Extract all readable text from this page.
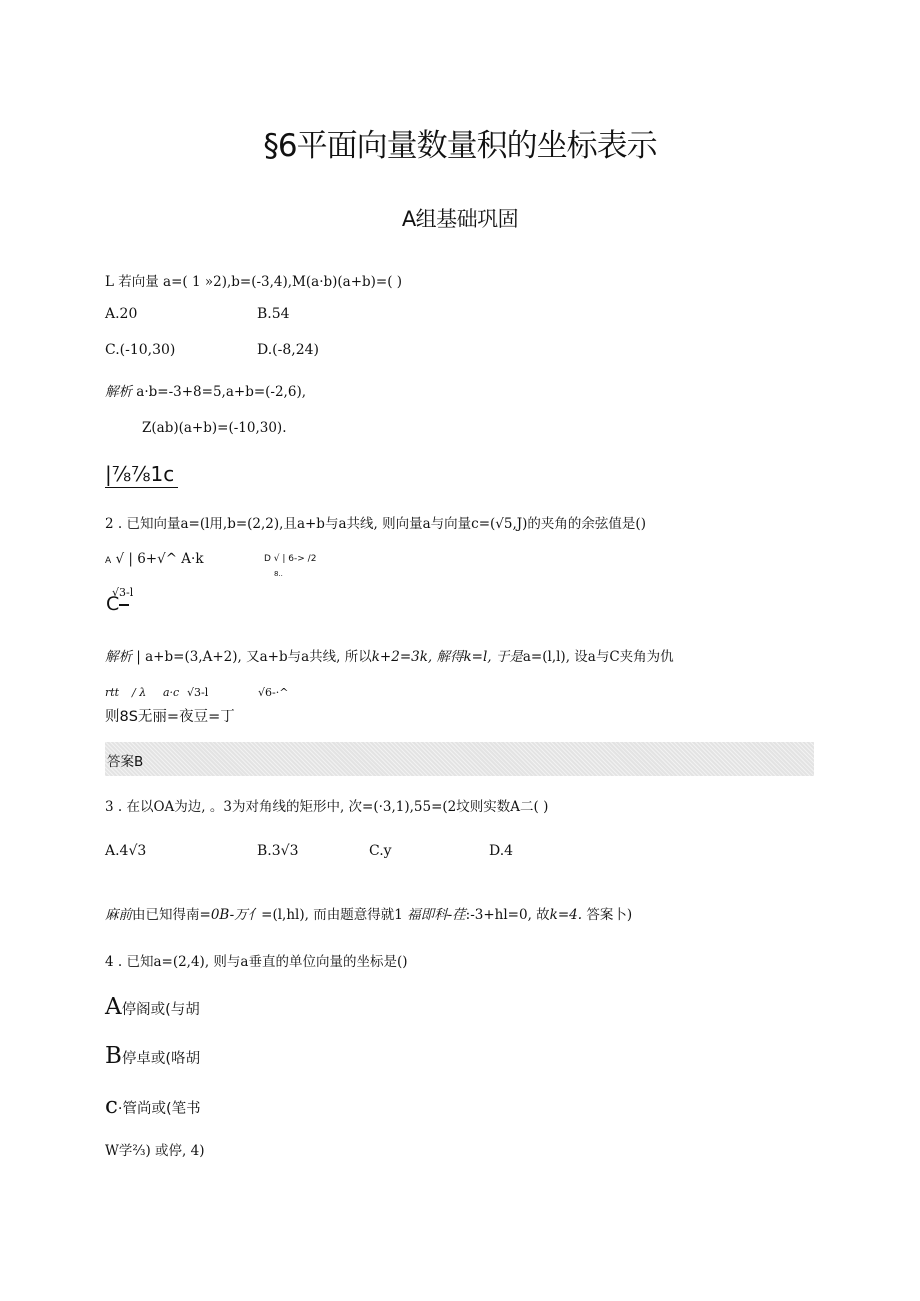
§6平面向量数量积的坐标表示
A组基础巩固
L 若向量 a=( 1 »2),b=(-3,4),M(a·b)(a+b)=( )
A.20	B.54
C.(-10,30)	D.(-8,24)
解析 a·b=-3+8=5,a+b=(-2,6),
Z(ab)(a+b)=(-10,30).
|⅞⅞1c
2 . 已知向量a=(l用,b=(2,2),且a+b与a共线, 则向量a与向量c=(√5,J)的夹角的余弦值是()
A √ | 6+√^ A·k	D √ | 6-> /2
8..
√3-l
C
解析 | a+b=(3,A+2), 又a+b与a共线, 所以k+2=3k, 解得k=l, 于是a=(l,l), 设a与C夹角为仇
rtt / λ a·c √3-l	√6-·^
则8S无丽=夜豆=丁
答案B
3 . 在以OA为边, 。3为对角线的矩形中, 次=(·3,1),55=(2坟则实数A二( )
A.4√3	B.3√3	C.y	D.4
麻前由已知得南=0B-万亻=(l,hl), 而由题意得就1 福即科-荏:-3+hl=0, 故k=4. 答案卜)
4 . 已知a=(2,4), 则与a垂直的单位向量的坐标是()
A停阁或(与胡
B停卓或(咯胡
c·管尚或(笔书
W学⅔) 或停, 4)
